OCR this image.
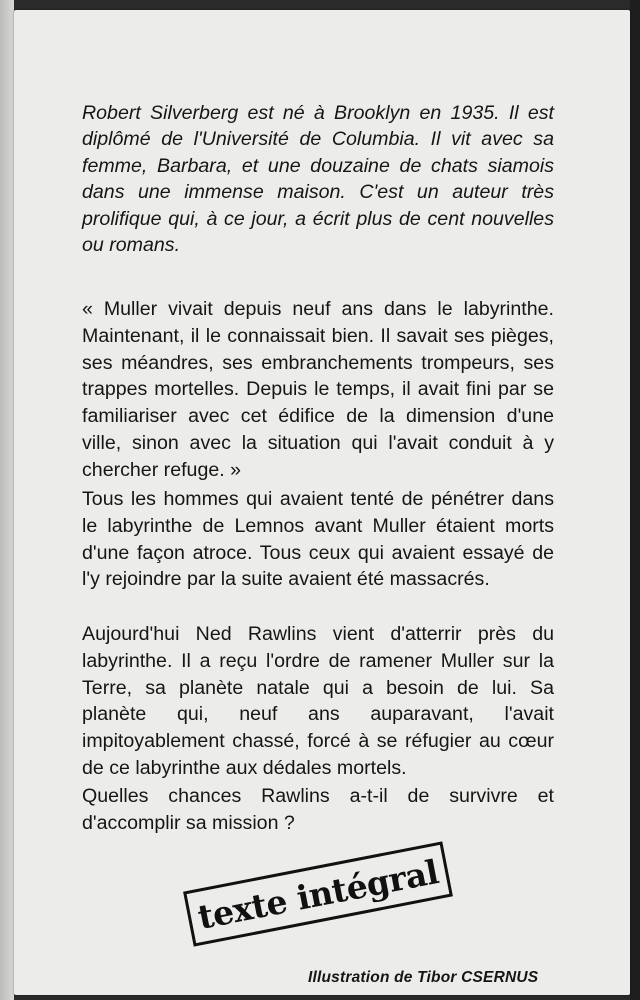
Robert Silverberg est né à Brooklyn en 1935. Il est diplômé de l'Université de Columbia. Il vit avec sa femme, Barbara, et une douzaine de chats siamois dans une immense maison. C'est un auteur très prolifique qui, à ce jour, a écrit plus de cent nouvelles ou romans.

« Muller vivait depuis neuf ans dans le labyrinthe. Maintenant, il le connaissait bien. Il savait ses pièges, ses méandres, ses embranchements trompeurs, ses trappes mortelles. Depuis le temps, il avait fini par se familiariser avec cet édifice de la dimension d'une ville, sinon avec la situation qui l'avait conduit à y chercher refuge. »

Tous les hommes qui avaient tenté de pénétrer dans le labyrinthe de Lemnos avant Muller étaient morts d'une façon atroce. Tous ceux qui avaient essayé de l'y rejoindre par la suite avaient été massacrés.

Aujourd'hui Ned Rawlins vient d'atterrir près du labyrinthe. Il a reçu l'ordre de ramener Muller sur la Terre, sa planète natale qui a besoin de lui. Sa planète qui, neuf ans auparavant, l'avait impitoyablement chassé, forcé à se réfugier au cœur de ce labyrinthe aux dédales mortels.

Quelles chances Rawlins a-t-il de survivre et d'accomplir sa mission ?

texte intégral

Illustration de Tibor CSERNUS
